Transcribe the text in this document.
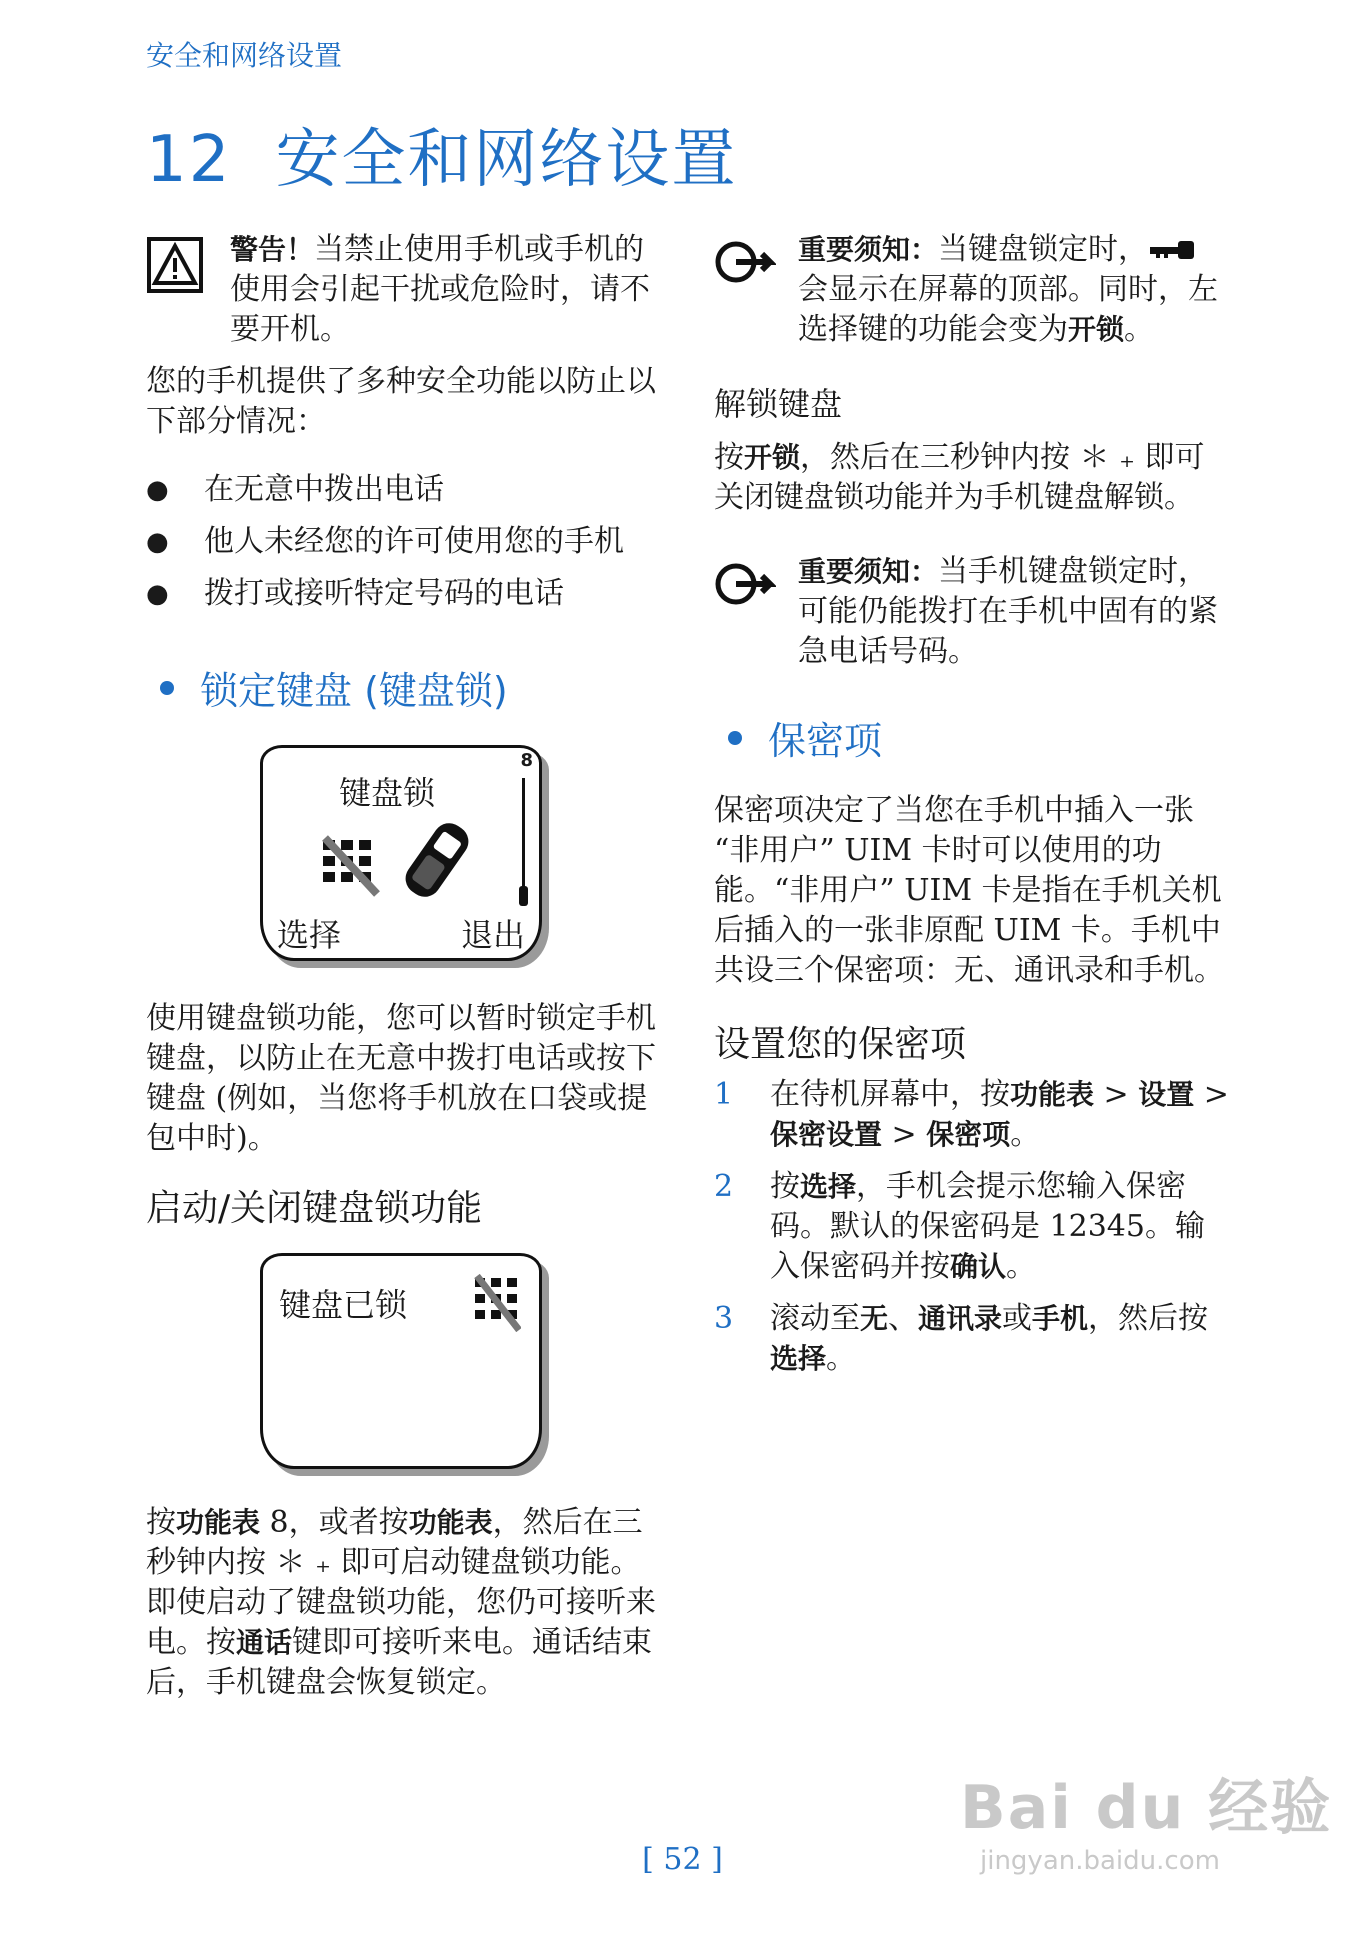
安全和网络设置
12 安全和网络设置
警告！当禁止使用手机或手机的使用会引起干扰或危险时，请不要开机。

您的手机提供了多种安全功能以防止以下部分情况：

●	在无意中拨出电话
●	他人未经您的许可使用您的手机
●	拨打或接听特定号码的电话
锁定键盘 (键盘锁)
键盘锁
8
选择	退出

使用键盘锁功能，您可以暂时锁定手机键盘，以防止在无意中拨打电话或按下键盘 (例如，当您将手机放在口袋或提包中时)。

启动/关闭键盘锁功能
键盘已锁

按功能表 8，或者按功能表，然后在三秒钟内按 ＊ ₊ 即可启动键盘锁功能。即使启动了键盘锁功能，您仍可接听来电。按通话键即可接听来电。通话结束后，手机键盘会恢复锁定。

重要须知：当键盘锁定时， 会显示在屏幕的顶部。同时，左选择键的功能会变为开锁。
解锁键盘

按开锁，然后在三秒钟内按 ＊ ₊ 即可关闭键盘锁功能并为手机键盘解锁。

重要须知：当手机键盘锁定时，可能仍能拨打在手机中固有的紧急电话号码。
保密项

保密项决定了当您在手机中插入一张 “非用户” UIM 卡时可以使用的功能。“非用户” UIM 卡是指在手机关机后插入的一张非原配 UIM 卡。手机中共设三个保密项：无、通讯录和手机。

设置您的保密项
1	在待机屏幕中，按功能表 > 设置 > 保密设置 > 保密项。
2	按选择，手机会提示您输入保密码。默认的保密码是 12345。输入保密码并按确认。
3	滚动至无、通讯录或手机，然后按选择。
Bai du 经验
jingyan.baidu.com
[ 52 ]
